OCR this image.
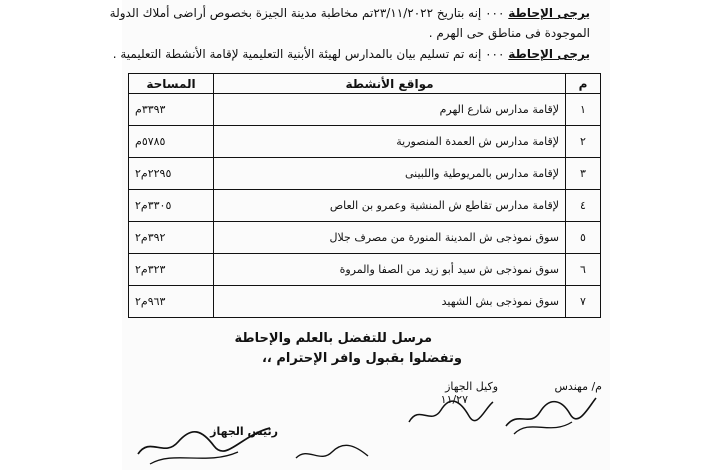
يرجى الإحاطة ٠٠٠ إنه بتاريخ ٢٣/١١/٢٠٢٢تم مخاطبة مدينة الجيزة بخصوص أراضى أملاك الدولة
الموجودة فى مناطق حى الهرم .
يرجى الإحاطة ٠٠٠ إنه تم تسليم بيان بالمدارس لهيئة الأبنية التعليمية لإقامة الأنشطة التعليمية .
م	مواقع الأنشطة	المساحة
١	لإقامة مدارس شارع الهرم	٣٣٩٣م
٢	لإقامة مدارس ش العمدة المنصورية	٥٧٨٥م
٣	لإقامة مدارس بالمريوطية واللبينى	٢٢٩٥م٢
٤	لإقامة مدارس تقاطع ش المنشية وعمرو بن العاص	٣٣٠٥م٢
٥	سوق نموذجى ش المدينة المنورة من مصرف جلال	٣٩٢م٢
٦	سوق نموذجى ش سيد أبو زيد من الصفا والمروة	٣٢٣م٢
٧	سوق نموذجى بش الشهيد	٩٦٣م٢
مرسل للتفضل بالعلم والإحاطة
وتفضلوا بقبول وافر الإحترام ،،
م/ مهندس
وكيل الجهاز
١١/٢٧
رئيس الجهاز
